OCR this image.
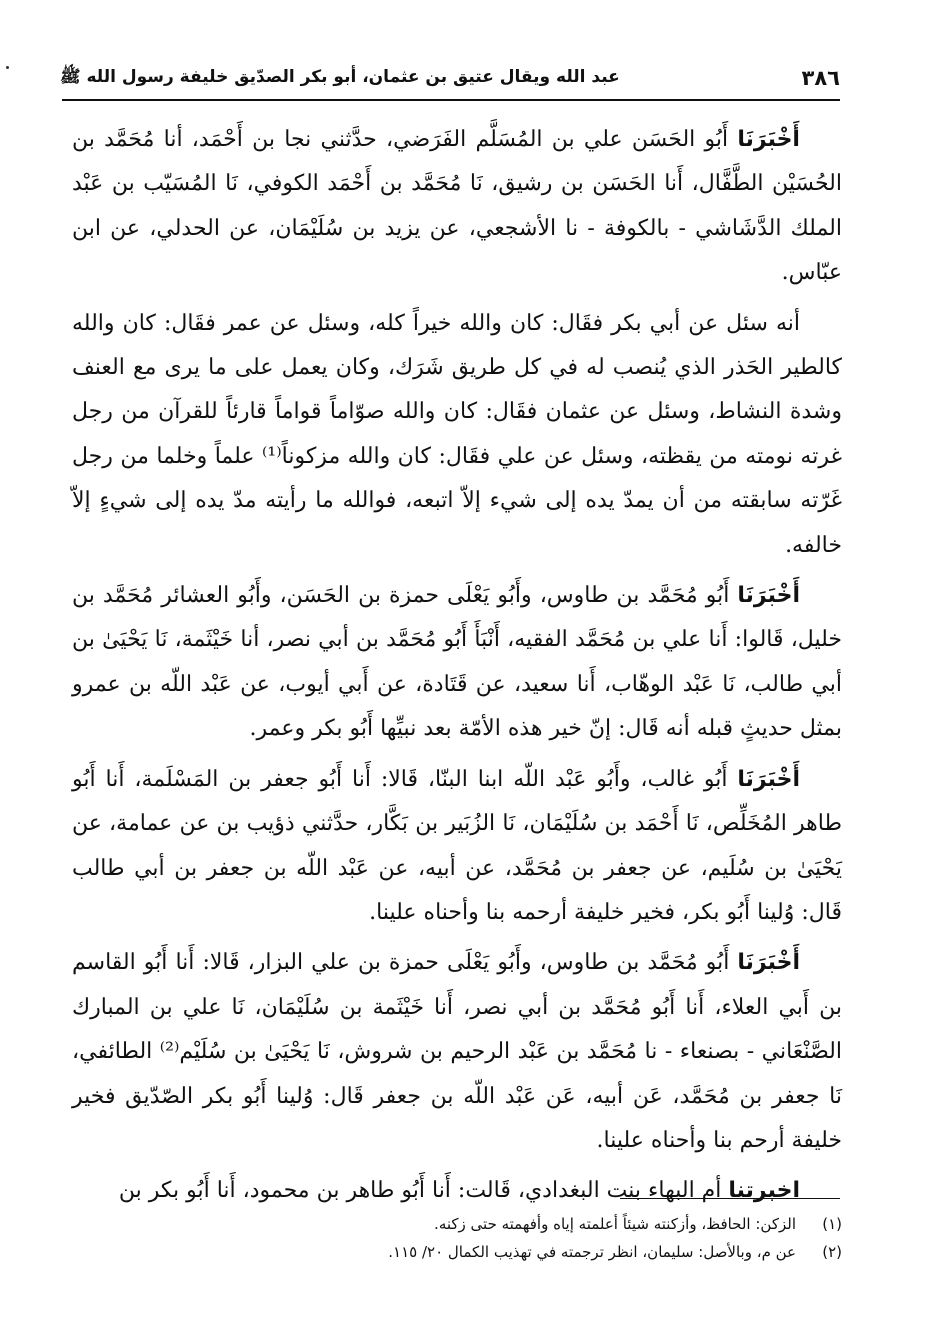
٣٨٦
عبد الله ويقال عتيق بن عثمان، أبو بكر الصدّيق خليفة رسول الله ﷺ

أَخْبَرَنَا أَبُو الحَسَن علي بن المُسَلَّم الفَرَضي، حدَّثني نجا بن أَحْمَد، أنا مُحَمَّد بن الحُسَيْن الطَّفَّال، أَنا الحَسَن بن رشيق، نَا مُحَمَّد بن أَحْمَد الكوفي، نَا المُسَيّب بن عَبْد الملك الدَّشَاشي - بالكوفة - نا الأشجعي، عن يزيد بن سُلَيْمَان، عن الحدلي، عن ابن عبّاس.

أنه سئل عن أبي بكر فقَال: كان والله خيراً كله، وسئل عن عمر فقَال: كان والله كالطير الحَذر الذي يُنصب له في كل طريق شَرَك، وكان يعمل على ما يرى مع العنف وشدة النشاط، وسئل عن عثمان فقَال: كان والله صوّاماً قواماً قارئاً للقرآن من رجل غرته نومته من يقظته، وسئل عن علي فقَال: كان والله مزكوناً⁽¹⁾ علماً وخلما من رجل غَرّته سابقته من أن يمدّ يده إلى شيء إلاّ اتبعه، فوالله ما رأيته مدّ يده إلى شيءٍ إلاّ خالفه.

أَخْبَرَنَا أَبُو مُحَمَّد بن طاوس، وأَبُو يَعْلَى حمزة بن الحَسَن، وأَبُو العشائر مُحَمَّد بن خليل، قَالوا: أَنا علي بن مُحَمَّد الفقيه، أَنْبَأَ أَبُو مُحَمَّد بن أبي نصر، أنا خَيْثَمة، نَا يَحْيَىٰ بن أبي طالب، نَا عَبْد الوهّاب، أَنا سعيد، عن قَتَادة، عن أَبي أيوب، عن عَبْد اللّه بن عمرو بمثل حديثٍ قبله أنه قَال: إنّ خير هذه الأمّة بعد نبيِّها أَبُو بكر وعمر.

أَخْبَرَنَا أَبُو غالب، وأَبُو عَبْد اللّه ابنا البنّا، قَالا: أَنا أَبُو جعفر بن المَسْلَمة، أَنا أَبُو طاهر المُخَلِّص، نَا أَحْمَد بن سُلَيْمَان، نَا الزُبَير بن بَكَّار، حدَّثني ذؤيب بن عن عمامة، عن يَحْيَىٰ بن سُلَيم، عن جعفر بن مُحَمَّد، عن أبيه، عن عَبْد اللّه بن جعفر بن أبي طالب قَال: وُلينا أَبُو بكر، فخير خليفة أرحمه بنا وأحناه علينا.

أَخْبَرَنَا أَبُو مُحَمَّد بن طاوس، وأَبُو يَعْلَى حمزة بن علي البزار، قَالا: أَنا أَبُو القاسم بن أَبي العلاء، أَنا أَبُو مُحَمَّد بن أبي نصر، أَنا خَيْثَمة بن سُلَيْمَان، نَا علي بن المبارك الصَّنْعَاني - بصنعاء - نا مُحَمَّد بن عَبْد الرحيم بن شروش، نَا يَحْيَىٰ بن سُلَيْم⁽²⁾ الطائفي، نَا جعفر بن مُحَمَّد، عَن أبيه، عَن عَبْد اللّه بن جعفر قَال: وُلينا أَبُو بكر الصّدّيق فخير خليفة أرحم بنا وأحناه علينا.

اخبرتنا أم البهاء بنت البغدادي، قَالت: أَنا أَبُو طاهر بن محمود، أَنا أَبُو بكر بن

(١)
الزكن: الحافظ، وأزكنته شيئاً أعلمته إياه وأفهمته حتى زكنه.
(٢)
عن م، وبالأصل: سليمان، انظر ترجمته في تهذيب الكمال ٢٠/ ١١٥.
